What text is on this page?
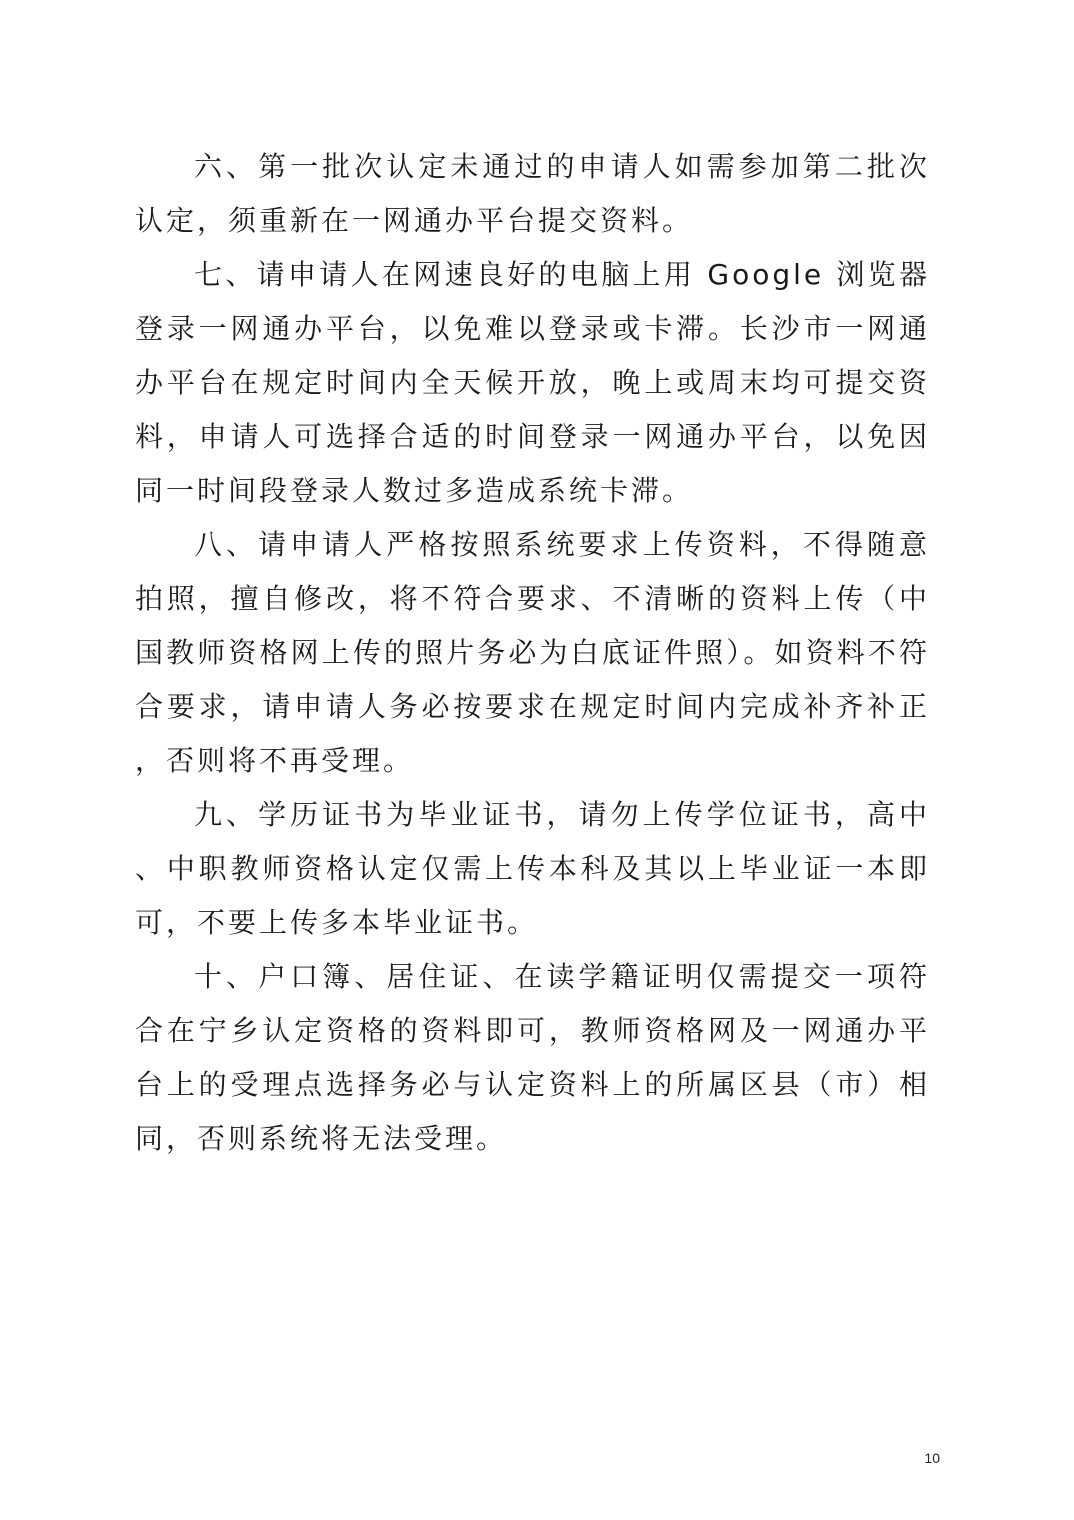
六、第一批次认定未通过的申请人如需参加第二批次认定，须重新在一网通办平台提交资料。

七、请申请人在网速良好的电脑上用 Google 浏览器登录一网通办平台，以免难以登录或卡滞。长沙市一网通办平台在规定时间内全天候开放，晚上或周末均可提交资料，申请人可选择合适的时间登录一网通办平台，以免因同一时间段登录人数过多造成系统卡滞。

八、请申请人严格按照系统要求上传资料，不得随意拍照，擅自修改，将不符合要求、不清晰的资料上传（中国教师资格网上传的照片务必为白底证件照）。如资料不符合要求，请申请人务必按要求在规定时间内完成补齐补正，否则将不再受理。

九、学历证书为毕业证书，请勿上传学位证书，高中、中职教师资格认定仅需上传本科及其以上毕业证一本即可，不要上传多本毕业证书。

十、户口簿、居住证、在读学籍证明仅需提交一项符合在宁乡认定资格的资料即可，教师资格网及一网通办平台上的受理点选择务必与认定资料上的所属区县（市）相同，否则系统将无法受理。

10
